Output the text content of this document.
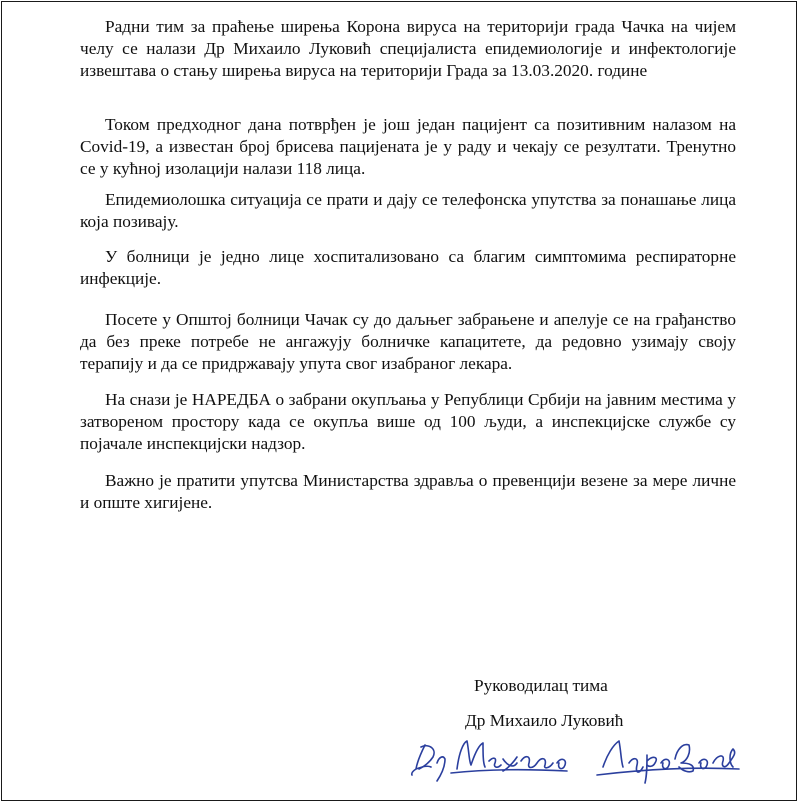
Радни тим за праћење ширења Корона вируса на територији града Чачка на чијем челу се налази Др Михаило Луковић специјалиста епидемиологије и инфектологије извештава о стању ширења вируса на територији Града за 13.03.2020. године

Током предходног дана потврђен је још један пацијент са позитивним налазом на Covid-19, а известан број брисева пацијената је у раду и чекају се резултати. Тренутно се у кућној изолацији налази 118 лица.

Епидемиолошка ситуација се прати и дају се телефонска упутства за понашање лица која позивају.

У болници је једно лице хоспитализовано са благим симптомима респираторне инфекције.

Посете у Општој болници Чачак су до даљњег забрањене и апелује се на грађанство да без преке потребе не ангажују болничке капацитете, да редовно узимају своју терапију и да се придржавају упута свог изабраног лекара.

На снази је НАРЕДБА о забрани окупљања у Републици Србији на јавним местима у затвореном простору када се окупља више од 100 људи, а инспекцијске службе су појачале инспекцијски надзор.

Важно је пратити упутсва Министарства здравља о превенцији везене за мере личне и опште хигијене.

Руководилац тима

Др Михаило Луковић
